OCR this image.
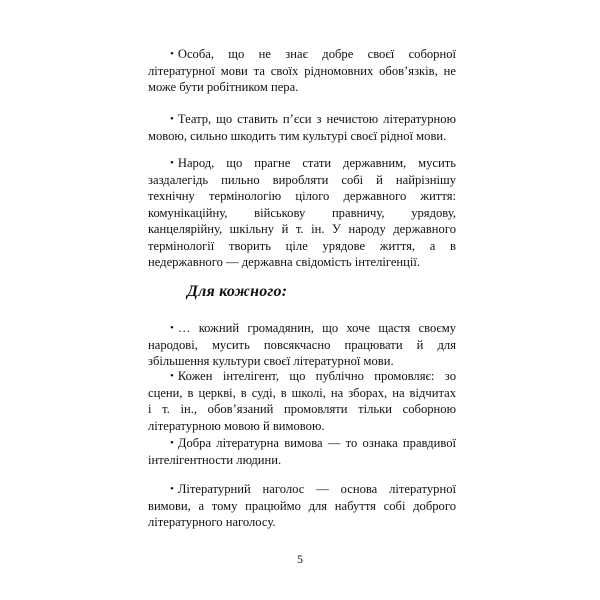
• Особа, що не знає добре своєї соборної
літературної мови та своїх рідномовних обов’язків, не
може бути робітником пера.

• Театр, що ставить п’єси з нечистою літературною
мовою, сильно шкодить тим культурі своєї рідної мови.

• Народ, що прагне стати державним, мусить
заздалегідь пильно виробляти собі й найрізнішу
технічну термінологію цілого державного життя:
комунікаційну, військову правничу, урядову,
канцелярійну, шкільну й т. ін. У народу державного
термінології творить ціле урядове життя, а в
недержавного — державна свідомість інтелігенції.

Для кожного:

• … кожний громадянин, що хоче щастя своєму
народові, мусить повсякчасно працювати й для
збільшення культури своєї літературної мови.

• Кожен інтелігент, що публічно промовляє: зо
сцени, в церкві, в суді, в школі, на зборах, на відчитах
і т. ін., обов’язаний промовляти тільки соборною
літературною мовою й вимовою.

• Добра літературна вимова — то ознака правдивої
інтелігентности людини.

• Літературний наголос — основа літературної
вимови, а тому працюймо для набуття собі доброго
літературного наголосу.

5
